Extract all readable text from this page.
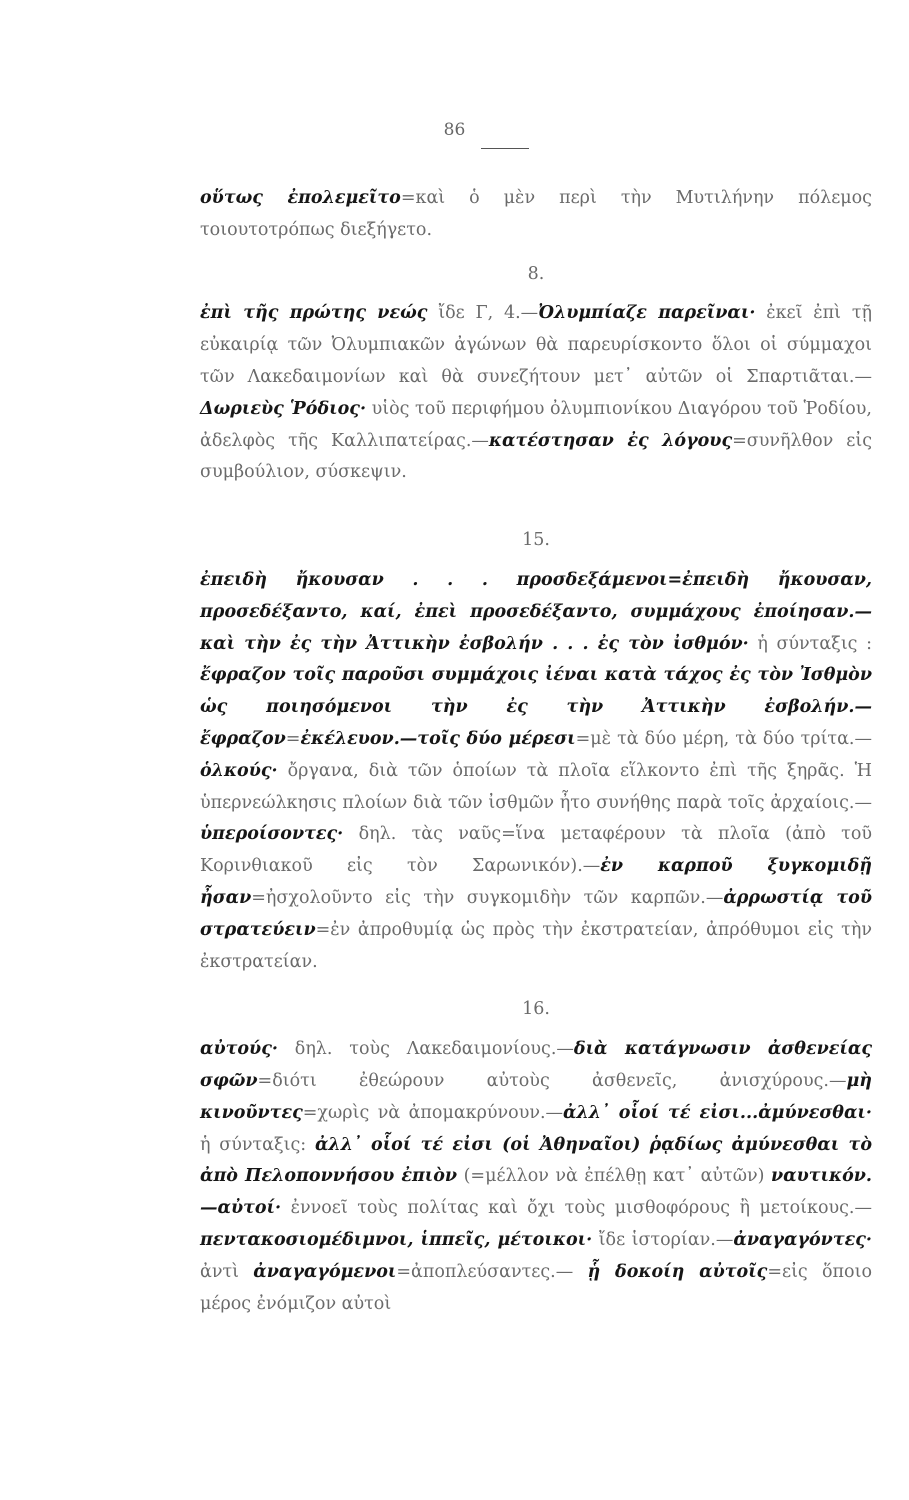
86

οὕτως ἐπολεμεῖτο=καὶ ὁ μὲν περὶ τὴν Μυτιλήνην πόλεμος τοιουτοτρόπως διεξήγετο.

8.

ἐπὶ τῆς πρώτης νεώς ἴδε Γ, 4.—Ὀλυμπίαζε παρεῖναι· ἐκεῖ ἐπὶ τῇ εὐκαιρίᾳ τῶν Ὀλυμπιακῶν ἀγώνων θὰ παρευρίσκοντο ὅλοι οἱ σύμμαχοι τῶν Λακεδαιμονίων καὶ θὰ συνεζήτουν μετ᾽ αὐτῶν οἱ Σπαρτιᾶται.—Δωριεὺς Ῥόδιος· υἱὸς τοῦ περιφήμου ὀλυμπιονίκου Διαγόρου τοῦ Ῥοδίου, ἀδελφὸς τῆς Καλλιπατείρας.—κατέστησαν ἐς λόγους=συνῆλθον εἰς συμβούλιον, σύσκεψιν.

15.

ἐπειδὴ ἤκουσαν . . . προσδεξάμενοι=ἐπειδὴ ἤκουσαν, προσεδέξαντο, καί, ἐπεὶ προσεδέξαντο, συμμάχους ἐποίησαν.—καὶ τὴν ἐς τὴν Ἀττικὴν ἐσβολήν . . . ἐς τὸν ἰσθμόν· ἡ σύνταξις : ἔφραζον τοῖς παροῦσι συμμάχοις ἰέναι κατὰ τάχος ἐς τὸν Ἰσθμὸν ὡς ποιησόμενοι τὴν ἐς τὴν Ἀττικὴν ἐσβολήν.—ἔφραζον=ἐκέλευον.—τοῖς δύο μέρεσι=μὲ τὰ δύο μέρη, τὰ δύο τρίτα.—ὁλκούς· ὄργανα, διὰ τῶν ὁποίων τὰ πλοῖα εἵλκοντο ἐπὶ τῆς ξηρᾶς. Ἡ ὑπερνεώλκησις πλοίων διὰ τῶν ἰσθμῶν ἦτο συνήθης παρὰ τοῖς ἀρχαίοις.—ὑπεροίσοντες· δηλ. τὰς ναῦς=ἵνα μεταφέρουν τὰ πλοῖα (ἀπὸ τοῦ Κορινθιακοῦ εἰς τὸν Σαρωνικόν).—ἐν καρποῦ ξυγκομιδῇ ἦσαν=ἠσχολοῦντο εἰς τὴν συγκομιδὴν τῶν καρπῶν.—ἀρρωστίᾳ τοῦ στρατεύειν=ἐν ἀπροθυμίᾳ ὡς πρὸς τὴν ἐκστρατείαν, ἀπρόθυμοι εἰς τὴν ἐκστρατείαν.

16.

αὐτούς· δηλ. τοὺς Λακεδαιμονίους.—διὰ κατάγνωσιν ἀσθενείας σφῶν=διότι ἐθεώρουν αὐτοὺς ἀσθενεῖς, ἀνισχύρους.—μὴ κινοῦντες=χωρὶς νὰ ἀπομακρύνουν.—ἀλλ᾽ οἷοί τέ εἰσι...ἀμύνεσθαι· ἡ σύνταξις: ἀλλ᾽ οἷοί τέ εἰσι (οἱ Ἀθηναῖοι) ῥᾳδίως ἀμύνεσθαι τὸ ἀπὸ Πελοποννήσου ἐπιὸν (=μέλλον νὰ ἐπέλθῃ κατ᾽ αὐτῶν) ναυτικόν.—αὐτοί· ἐννοεῖ τοὺς πολίτας καὶ ὄχι τοὺς μισθοφόρους ἢ μετοίκους.—πεντακοσιομέδιμνοι, ἱππεῖς, μέτοικοι· ἴδε ἱστορίαν.—ἀναγαγόντες· ἀντὶ ἀναγαγόμενοι=ἀποπλεύσαντες.— ᾗ δοκοίη αὐτοῖς=εἰς ὅποιο μέρος ἐνόμιζον αὐτοὶ
